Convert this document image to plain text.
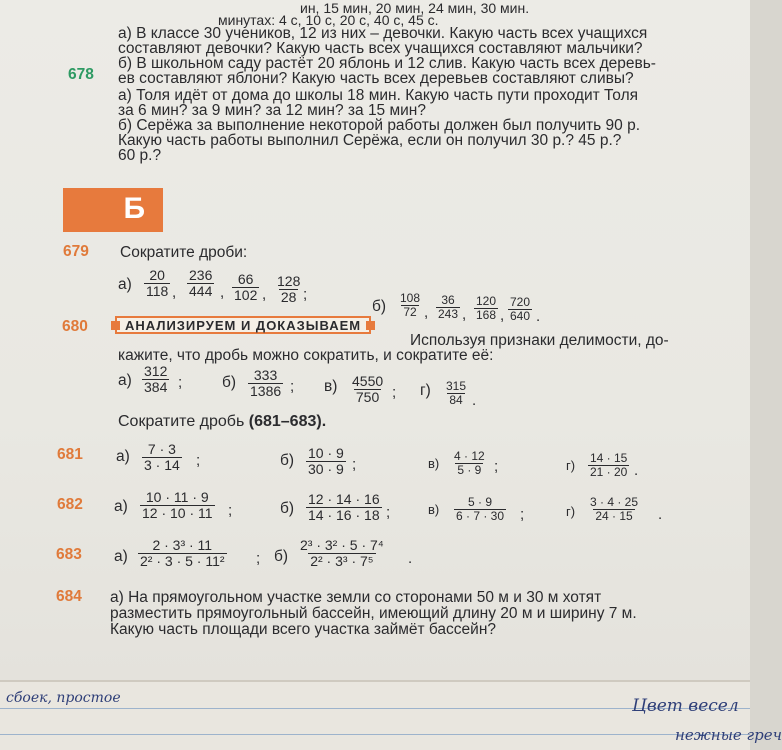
ин, 15 мин, 20 мин, 24 мин, 30 мин.
минутах: 4 с, 10 с, 20 с, 40 с, 45 с.
а) В классе 30 учеников, 12 из них – девочки. Какую часть всех учащихся
составляют девочки? Какую часть всех учащихся составляют мальчики?
б) В школьном саду растёт 20 яблонь и 12 слив. Какую часть всех деревь-
ев составляют яблони? Какую часть всех деревьев составляют сливы?
678
а) Толя идёт от дома до школы 18 мин. Какую часть пути проходит Толя
за 6 мин? за 9 мин? за 12 мин? за 15 мин?
б) Серёжа за выполнение некоторой работы должен был получить 90 р.
Какую часть работы выполнил Серёжа, если он получил 30 р.? 45 р.?
60 р.?
Б
679 Сократите дроби:
$а) \frac{20}{118}$ , $\frac{236}{444}$ , $\frac{66}{102}$ , $\frac{128}{28}$ ;
$б) \frac{108}{72}$ , $\frac{36}{243}$ , $\frac{120}{168}$ , $\frac{720}{640}$ .
680	АНАЛИЗИРУЕМ И ДОКАЗЫВАЕМ
Используя признаки делимости, до-
кажите, что дробь можно сократить, и сократите её:
$а) \frac{312}{384}$ ;	$б) \frac{333}{1386}$ ; $в) \frac{4550}{750}$ ; $г) \frac{315}{84}$ .
Сократите дробь (681–683).
681 $а) \frac{7 \cdot 3}{3 \cdot 14}$ ;	$б) \frac{10 \cdot 9}{30 \cdot 9}$ ;	$в) \frac{4 \cdot 12}{5 \cdot 9}$ ;	$г) \frac{14 \cdot 15}{21 \cdot 20}$ .
682 $а) \frac{10 \cdot 11 \cdot 9}{12 \cdot 10 \cdot 11}$ ;	$б) \frac{12 \cdot 14 \cdot 16}{14 \cdot 16 \cdot 18}$ ;	$в) \frac{5 \cdot 9}{6 \cdot 7 \cdot 30}$ ;	$г) \frac{3 \cdot 4 \cdot 25}{24 \cdot 15}$ .
683 $а) \frac{\text{2 · 3³ · 11}}{\text{2² · 3 · 5 · 11²}}$ ; $б) \frac{\text{2³ · 3² · 5 · 7⁴}}{\text{2² · 3³ · 7⁵}}$ .
684 а) На прямоугольном участке земли со сторонами 50 м и 30 м хотят
разместить прямоугольный бассейн, имеющий длину 20 м и ширину 7 м.
Какую часть площади всего участка займёт бассейн?
сбоек, простое	Цвет весел
нежные греч
